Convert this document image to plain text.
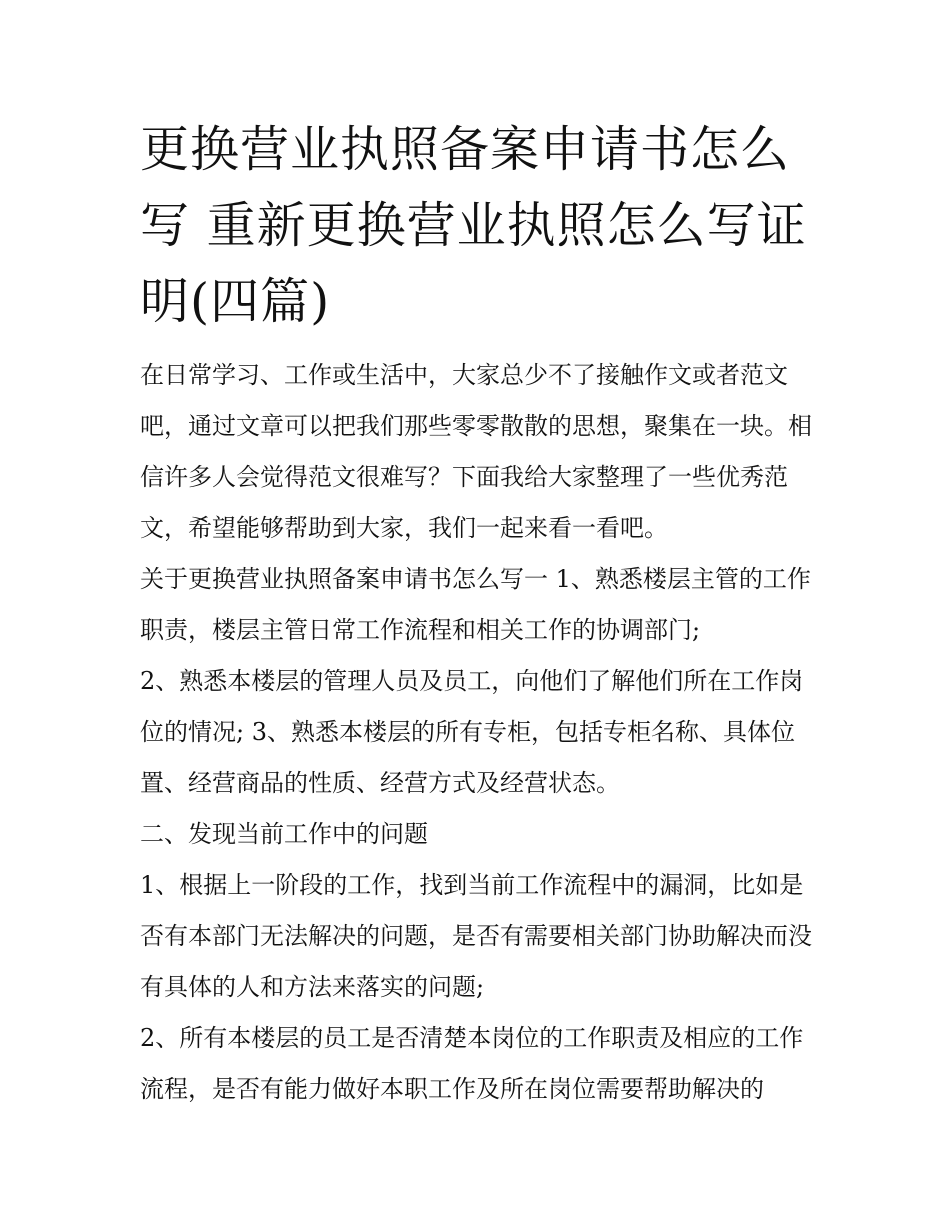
更换营业执照备案申请书怎么写 重新更换营业执照怎么写证明(四篇)

在日常学习、工作或生活中，大家总少不了接触作文或者范文吧，通过文章可以把我们那些零零散散的思想，聚集在一块。相信许多人会觉得范文很难写？下面我给大家整理了一些优秀范文，希望能够帮助到大家，我们一起来看一看吧。

关于更换营业执照备案申请书怎么写一 1、熟悉楼层主管的工作职责，楼层主管日常工作流程和相关工作的协调部门;

2、熟悉本楼层的管理人员及员工，向他们了解他们所在工作岗位的情况; 3、熟悉本楼层的所有专柜，包括专柜名称、具体位置、经营商品的性质、经营方式及经营状态。

二、发现当前工作中的问题

1、根据上一阶段的工作，找到当前工作流程中的漏洞，比如是否有本部门无法解决的问题，是否有需要相关部门协助解决而没有具体的人和方法来落实的问题;

2、所有本楼层的员工是否清楚本岗位的工作职责及相应的工作流程，是否有能力做好本职工作及所在岗位需要帮助解决的
